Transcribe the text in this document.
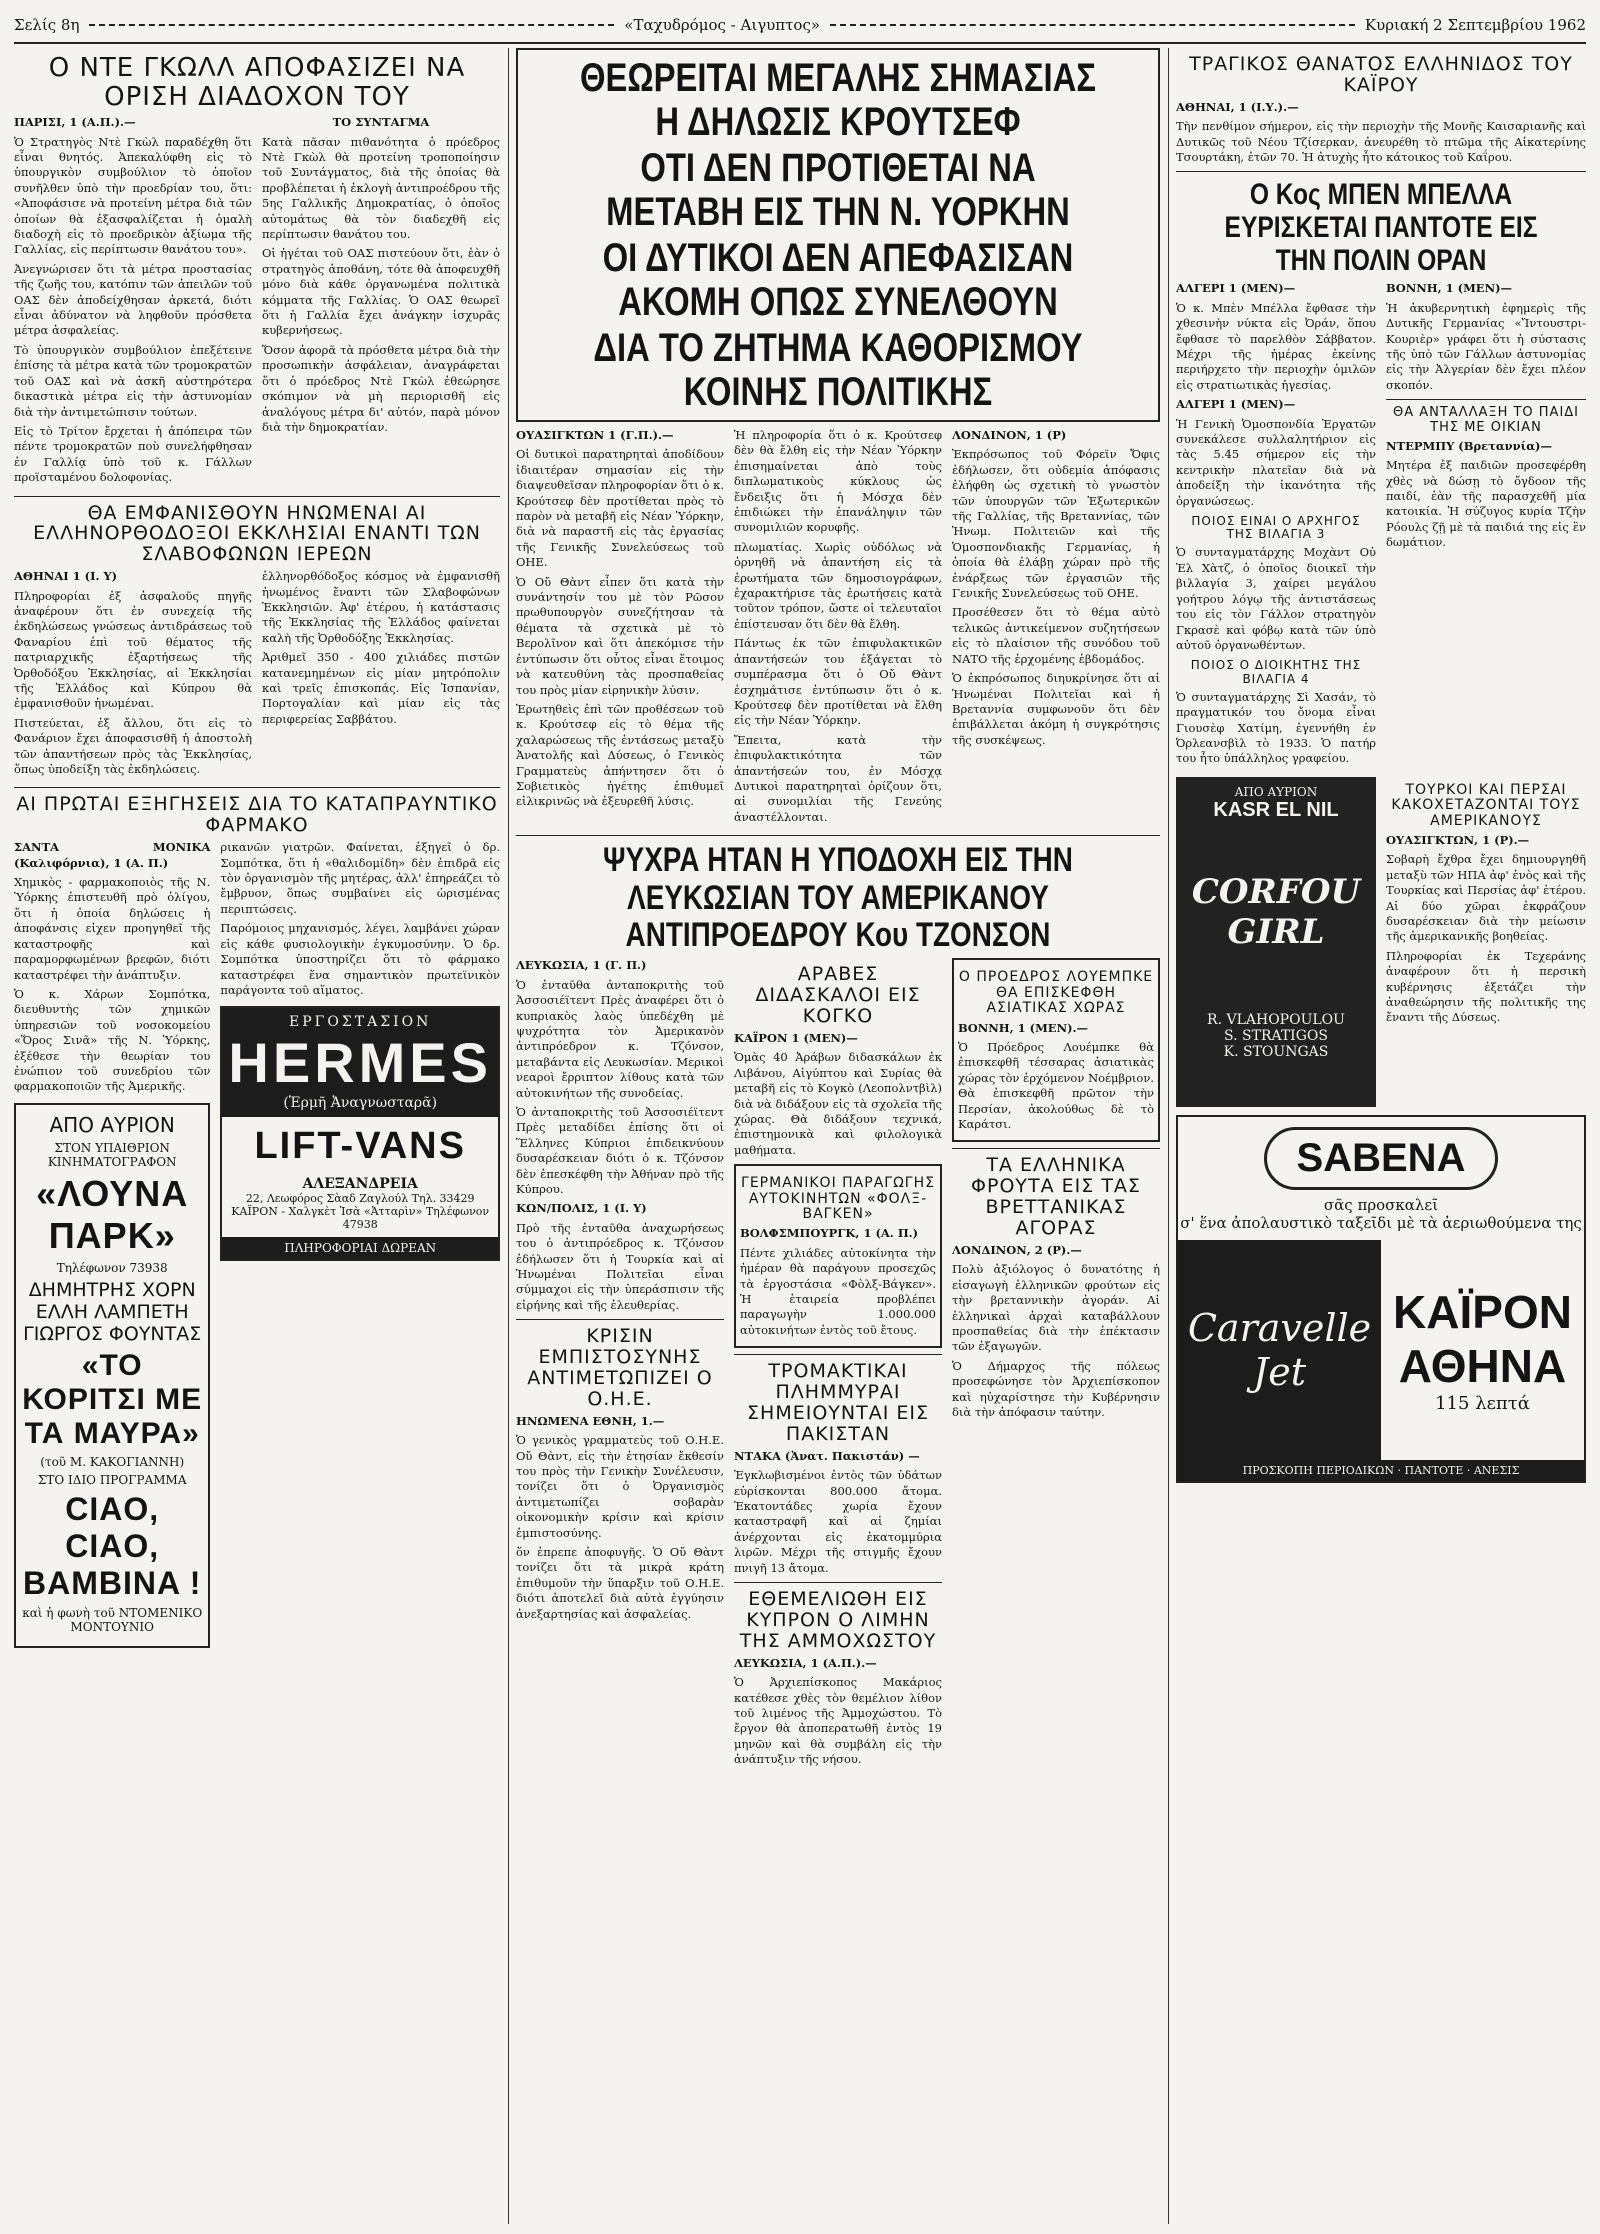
Σελίς 8η	«Ταχυδρόμος - Αιγυπτος»	Κυριακή 2 Σεπτεμβρίου 1962
Ο ΝΤΕ ΓΚΩΛΛ ΑΠΟΦΑΣΙΖΕΙ ΝΑ ΟΡΙΣΗ ΔΙΑΔΟΧΟΝ ΤΟΥ

ΠΑΡΙΣΙ, 1 (Α.Π.).—

Ὁ Στρατηγὸς Ντὲ Γκὼλ παραδέχθη ὅτι εἶναι θνητός. Ἀπεκαλύφθη εἰς τὸ ὑπουργικὸν συμβούλιον τὸ ὁποῖον συνῆλθεν ὑπὸ τὴν προεδρίαν του, ὅτι: «Ἀποφάσισε νὰ προτείνη μέτρα διὰ τῶν ὁποίων θὰ ἐξασφαλίζεται ἡ ὁμαλὴ διαδοχὴ εἰς τὸ προεδρικὸν ἀξίωμα τῆς Γαλλίας, εἰς περίπτωσιν θανάτου του».

Ἀνεγνώρισεν ὅτι τὰ μέτρα προστασίας τῆς ζωῆς του, κατόπιν τῶν ἀπειλῶν τοῦ ΟΑΣ δὲν ἀποδείχθησαν ἀρκετά, διότι εἶναι ἀδύνατον νὰ ληφθοῦν πρόσθετα μέτρα ἀσφαλείας.

Τὸ ὑπουργικὸν συμβούλιον ἐπεξέτεινε ἐπίσης τὰ μέτρα κατὰ τῶν τρομοκρατῶν τοῦ ΟΑΣ καὶ νὰ ἀσκῆ αὐστηρότερα δικαστικὰ μέτρα εἰς τὴν ἀστυνομίαν διὰ τὴν ἀντιμετώπισιν τούτων.

Εἰς τὸ Τρίτον ἔρχεται ἡ ἀπόπειρα τῶν πέντε τρομοκρατῶν ποὺ συνελήφθησαν ἐν Γαλλίᾳ ὑπὸ τοῦ κ. Γάλλων προϊσταμένου δολοφονίας.

ΤΟ ΣΥΝΤΑΓΜΑ

Κατὰ πᾶσαν πιθανότητα ὁ πρόεδρος Ντὲ Γκὼλ θὰ προτείνη τροποποίησιν τοῦ Συντάγματος, διὰ τῆς ὁποίας θὰ προβλέπεται ἡ ἐκλογὴ ἀντιπροέδρου τῆς 5ης Γαλλικῆς Δημοκρατίας, ὁ ὁποῖος αὐτομάτως θὰ τὸν διαδεχθῆ εἰς περίπτωσιν θανάτου του.

Οἱ ἡγέται τοῦ ΟΑΣ πιστεύουν ὅτι, ἐὰν ὁ στρατηγὸς ἀποθάνη, τότε θὰ ἀποφευχθῆ μόνο διὰ κάθε ὀργανωμένα πολιτικὰ κόμματα τῆς Γαλλίας. Ὁ ΟΑΣ θεωρεῖ ὅτι ἡ Γαλλία ἔχει ἀνάγκην ἰσχυρᾶς κυβερνήσεως.

Ὅσον ἀφορᾶ τὰ πρόσθετα μέτρα διὰ τὴν προσωπικὴν ἀσφάλειαν, ἀναγράφεται ὅτι ὁ πρόεδρος Ντὲ Γκὼλ ἐθεώρησε σκόπιμον νὰ μὴ περιορισθῆ εἰς ἀναλόγους μέτρα δι' αὐτόν, παρὰ μόνον διὰ τὴν δημοκρατίαν.

ΘΑ ΕΜΦΑΝΙΣΘΟΥΝ ΗΝΩΜΕΝΑΙ ΑΙ ΕΛΛΗΝΟΡΘΟΔΟΞΟΙ ΕΚΚΛΗΣΙΑΙ ΕΝΑΝΤΙ ΤΩΝ ΣΛΑΒΟΦΩΝΩΝ ΙΕΡΕΩΝ

ΑΘΗΝΑΙ 1 (Ι. Υ)

Πληροφορίαι ἐξ ἀσφαλοῦς πηγῆς ἀναφέρουν ὅτι ἐν συνεχείᾳ τῆς ἐκδηλώσεως γνώσεως ἀντιδράσεως τοῦ Φαναρίου ἐπὶ τοῦ θέματος τῆς πατριαρχικῆς ἐξαρτήσεως τῆς Ὀρθοδόξου Ἐκκλησίας, αἱ Ἐκκλησίαι τῆς Ἑλλάδος καὶ Κύπρου θὰ ἐμφανισθοῦν ἡνωμέναι.

Πιστεύεται, ἐξ ἄλλου, ὅτι εἰς τὸ Φανάριον ἔχει ἀποφασισθῆ ἡ ἀποστολὴ τῶν ἀπαντήσεων πρὸς τὰς Ἐκκλησίας, ὅπως ὑποδείξη τὰς ἐκδηλώσεις.

ἑλληνορθόδοξος κόσμος νὰ ἐμφανισθῆ ἡνωμένος ἔναντι τῶν Σλαβοφώνων Ἐκκλησιῶν. Ἀφ' ἑτέρου, ἡ κατάστασις τῆς Ἐκκλησίας τῆς Ἑλλάδος φαίνεται καλὴ τῆς Ὀρθοδόξης Ἐκκλησίας.

Ἀριθμεῖ 350 - 400 χιλιάδες πιστῶν κατανεμημένων εἰς μίαν μητρόπολιν καὶ τρεῖς ἐπισκοπάς. Εἰς Ἰσπανίαν, Πορτογαλίαν καὶ μίαν εἰς τὰς περιφερείας Σαββάτου.

ΑΙ ΠΡΩΤΑΙ ΕΞΗΓΗΣΕΙΣ ΔΙΑ ΤΟ ΚΑΤΑΠΡΑΥΝΤΙΚΟ ΦΑΡΜΑΚΟ

ΣΑΝΤΑ ΜΟΝΙΚΑ (Καλιφόρνια), 1 (Α. Π.)

Χημικὸς - φαρμακοποιὸς τῆς Ν. Ὑόρκης ἐπιστευθῆ πρὸ ὀλίγου, ὅτι ἡ ὁποία δηλώσεις ἡ ἀποφάνσις εἰχεν προηγηθεῖ τῆς καταστροφῆς καὶ παραμορφωμένων βρεφῶν, διότι καταστρέφει τὴν ἀνάπτυξιν.

Ὁ κ. Χάρων Σομπότκα, διευθυντὴς τῶν χημικῶν ὑπηρεσιῶν τοῦ νοσοκομείου «Ὅρος Σινᾶ» τῆς Ν. Ὑόρκης, ἐξέθεσε τὴν θεωρίαν του ἐνώπιον τοῦ συνεδρίου τῶν φαρμακοποιῶν τῆς Ἀμερικῆς.

ΑΠΟ ΑΥΡΙΟΝ
ΣΤΟΝ ΥΠΑΙΘΡΙΟΝ ΚΙΝΗΜΑΤΟΓΡΑΦΟΝ
«ΛΟΥΝΑ ΠΑΡΚ»
Τηλέφωνον 73938
ΔΗΜΗΤΡΗΣ ΧΟΡΝ ΕΛΛΗ ΛΑΜΠΕΤΗ ΓΙΩΡΓΟΣ ΦΟΥΝΤΑΣ
«ΤΟ ΚΟΡΙΤΣΙ ΜΕ ΤΑ ΜΑΥΡΑ»
(τοῦ Μ. ΚΑΚΟΓΙΑΝΝΗ)
ΣΤΟ ΙΔΙΟ ΠΡΟΓΡΑΜΜΑ
CIAO, CIAO, BAMBINA !
καὶ ἡ φωνὴ τοῦ ΝΤΟΜΕΝΙΚΟ ΜΟΝΤΟΥΝΙΟ

ρικανῶν γιατρῶν. Φαίνεται, ἐξηγεῖ ὁ δρ. Σομπότκα, ὅτι ἡ «θαλιδομίδη» δὲν ἐπιδρᾶ εἰς τὸν ὀργανισμὸν τῆς μητέρας, ἀλλ' ἐπηρεάζει τὸ ἔμβρυον, ὅπως συμβαίνει εἰς ὡρισμένας περιπτώσεις.

Παρόμοιος μηχανισμός, λέγει, λαμβάνει χώραν εἰς κάθε φυσιολογικὴν ἐγκυμοσύνην. Ὁ δρ. Σομπότκα ὑποστηρίζει ὅτι τὸ φάρμακο καταστρέφει ἕνα σημαντικὸν πρωτεϊνικὸν παράγοντα τοῦ αἵματος.

ΕΡΓΟΣΤΑΣΙΟΝ
HERMES
(Ἑρμῆ Ἀναγνωσταρᾶ)
LIFT-VANS
ΑΛΕΞΑΝΔΡΕΙΑ
22, Λεωφόρος Σὰαδ Ζαγλούλ Τηλ. 33429
ΚΑΪΡΟΝ - Χαλγκὲτ Ἰσὰ «Ἀτταρὶν» Τηλέφωνον 47938
ΠΛΗΡΟΦΟΡΙΑΙ ΔΩΡΕΑΝ
ΘΕΩΡΕΙΤΑΙ ΜΕΓΑΛΗΣ ΣΗΜΑΣΙΑΣ Η ΔΗΛΩΣΙΣ ΚΡΟΥΤΣΕΦ
ΟΤΙ ΔΕΝ ΠΡΟΤΙΘΕΤΑΙ ΝΑ ΜΕΤΑΒΗ ΕΙΣ ΤΗΝ Ν. ΥΟΡΚΗΝ
ΟΙ ΔΥΤΙΚΟΙ ΔΕΝ ΑΠΕΦΑΣΙΣΑΝ ΑΚΟΜΗ ΟΠΩΣ ΣΥΝΕΛΘΟΥΝ
ΔΙΑ ΤΟ ΖΗΤΗΜΑ ΚΑΘΟΡΙΣΜΟΥ ΚΟΙΝΗΣ ΠΟΛΙΤΙΚΗΣ

ΟΥΑΣΙΓΚΤΩΝ 1 (Γ.Π.).—

Οἱ δυτικοὶ παρατηρηταὶ ἀποδίδουν ἰδιαιτέραν σημασίαν εἰς τὴν διαψευθεῖσαν πληροφορίαν ὅτι ὁ κ. Κρούτσεφ δὲν προτίθεται πρὸς τὸ παρὸν νὰ μεταβῆ εἰς Νέαν Ὑόρκην, διὰ νὰ παραστῆ εἰς τὰς ἐργασίας τῆς Γενικῆς Συνελεύσεως τοῦ ΟΗΕ.

Ὁ Οὔ Θὰντ εἶπεν ὅτι κατὰ τὴν συνάντησίν του μὲ τὸν Ρῶσον πρωθυπουργὸν συνεζήτησαν τὰ θέματα τὰ σχετικὰ μὲ τὸ Βερολῖνον καὶ ὅτι ἀπεκόμισε τὴν ἐντύπωσιν ὅτι οὗτος εἶναι ἕτοιμος νὰ κατευθύνη τὰς προσπαθείας του πρὸς μίαν εἰρηνικὴν λύσιν.

Ἐρωτηθεὶς ἐπὶ τῶν προθέσεων τοῦ κ. Κρούτσεφ εἰς τὸ θέμα τῆς χαλαρώσεως τῆς ἐντάσεως μεταξὺ Ἀνατολῆς καὶ Δύσεως, ὁ Γενικὸς Γραμματεὺς ἀπήντησεν ὅτι ὁ Σοβιετικὸς ἡγέτης ἐπιθυμεῖ εἰλικρινῶς νὰ ἐξευρεθῆ λύσις.

Ἡ πληροφορία ὅτι ὁ κ. Κρούτσεφ δὲν θὰ ἔλθη εἰς τὴν Νέαν Ὑόρκην ἐπισημαίνεται ἀπὸ τοὺς διπλωματικοὺς κύκλους ὡς ἔνδειξις ὅτι ἡ Μόσχα δὲν ἐπιδιώκει τὴν ἐπανάληψιν τῶν συνομιλιῶν κορυφῆς.

πλωματίας. Χωρὶς οὐδόλως νὰ ὀρνηθῆ νὰ ἀπαντήση εἰς τὰ ἐρωτήματα τῶν δημοσιογράφων, ἐχαρακτήρισε τὰς ἐρωτήσεις κατὰ τοῦτον τρόπον, ὥστε οἱ τελευταῖοι ἐπίστευσαν ὅτι δὲν θὰ ἔλθη.

Πάντως ἐκ τῶν ἐπιφυλακτικῶν ἀπαντήσεών του ἐξάγεται τὸ συμπέρασμα ὅτι ὁ Οὔ Θὰντ ἐσχημάτισε ἐντύπωσιν ὅτι ὁ κ. Κρούτσεφ δὲν προτίθεται νὰ ἔλθη εἰς τὴν Νέαν Ὑόρκην.

Ἔπειτα, κατὰ τὴν ἐπιφυλακτικότητα τῶν ἀπαντήσεών του, ἐν Μόσχᾳ Δυτικοὶ παρατηρηταὶ ὁρίζουν ὅτι, αἱ συνομιλίαι τῆς Γενεύης ἀναστέλλονται.

ΛΟΝΔΙΝΟΝ, 1 (Ρ)

Ἐκπρόσωπος τοῦ Φόρεϊν Ὄφις ἐδήλωσεν, ὅτι οὐδεμία ἀπόφασις ἐλήφθη ὡς σχετικὴ τὸ γνωστὸν τῶν ὑπουργῶν τῶν Ἐξωτερικῶν τῆς Γαλλίας, τῆς Βρεταννίας, τῶν Ἡνωμ. Πολιτειῶν καὶ τῆς Ὁμοσπονδιακῆς Γερμανίας, ἡ ὁποία θὰ ἐλάβῃ χώραν πρὸ τῆς ἐνάρξεως τῶν ἐργασιῶν τῆς Γενικῆς Συνελεύσεως τοῦ ΟΗΕ.

Προσέθεσεν ὅτι τὸ θέμα αὐτὸ τελικῶς ἀντικείμενον συζητήσεων εἰς τὸ πλαίσιον τῆς συνόδου τοῦ ΝΑΤΟ τῆς ἐρχομένης ἑβδομάδος.

Ὁ ἐκπρόσωπος διηυκρίνησε ὅτι αἱ Ἡνωμέναι Πολιτεῖαι καὶ ἡ Βρεταννία συμφωνοῦν ὅτι δὲν ἐπιβάλλεται ἀκόμη ἡ συγκρότησις τῆς συσκέψεως.

ΨΥΧΡΑ ΗΤΑΝ Η ΥΠΟΔΟΧΗ ΕΙΣ ΤΗΝ ΛΕΥΚΩΣΙΑΝ ΤΟΥ ΑΜΕΡΙΚΑΝΟΥ ΑΝΤΙΠΡΟΕΔΡΟΥ Κου ΤΖΟΝΣΟΝ

ΛΕΥΚΩΣΙΑ, 1 (Γ. Π.)

Ὁ ἐνταῦθα ἀνταποκριτὴς τοῦ Ἀσσοσιέϊτεντ Πρὲς ἀναφέρει ὅτι ὁ κυπριακὸς λαὸς ὑπεδέχθη μὲ ψυχρότητα τὸν Ἀμερικανὸν ἀντιπρόεδρον κ. Τζόνσον, μεταβάντα εἰς Λευκωσίαν. Μερικοὶ νεαροὶ ἔρριπτον λίθους κατὰ τῶν αὐτοκινήτων τῆς συνοδείας.

Ὁ ἀνταποκριτὴς τοῦ Ἀσσοσιέϊτεντ Πρὲς μεταδίδει ἐπίσης ὅτι οἱ Ἕλληνες Κύπριοι ἐπιδεικνύουν δυσαρέσκειαν διότι ὁ κ. Τζόνσον δὲν ἐπεσκέφθη τὴν Ἀθήναν πρὸ τῆς Κύπρου.

ΚΩΝ/ΠΟΛΙΣ, 1 (Ι. Υ)

Πρὸ τῆς ἐνταῦθα ἀναχωρήσεως του ὁ ἀντιπρόεδρος κ. Τζόνσον ἐδήλωσεν ὅτι ἡ Τουρκία καὶ αἱ Ἡνωμέναι Πολιτεῖαι εἶναι σύμμαχοι εἰς τὴν ὑπεράσπισιν τῆς εἰρήνης καὶ τῆς ἐλευθερίας.

ΚΡΙΣΙΝ ΕΜΠΙΣΤΟΣΥΝΗΣ ΑΝΤΙΜΕΤΩΠΙΖΕΙ Ο Ο.Η.Ε.

ΗΝΩΜΕΝΑ ΕΘΝΗ, 1.—

Ὁ γενικὸς γραμματεὺς τοῦ Ο.Η.Ε. Οὔ Θὰντ, εἰς τὴν ἐτησίαν ἔκθεσίν του πρὸς τὴν Γενικὴν Συνέλευσιν, τονίζει ὅτι ὁ Ὀργανισμὸς ἀντιμετωπίζει σοβαρὰν οἰκονομικὴν κρίσιν καὶ κρίσιν ἐμπιστοσύνης.

ὅν ἐπρεπε ἀποφυγῆς. Ὁ Οὔ Θὰντ τονίζει ὅτι τὰ μικρὰ κράτη ἐπιθυμοῦν τὴν ὕπαρξιν τοῦ Ο.Η.Ε. διότι ἀποτελεῖ διὰ αὐτὰ ἐγγύησιν ἀνεξαρτησίας καὶ ἀσφαλείας.

ΑΡΑΒΕΣ ΔΙΔΑΣΚΑΛΟΙ ΕΙΣ ΚΟΓΚΟ

ΚΑΪΡΟΝ 1 (ΜΕΝ)—

Ὁμὰς 40 Ἀράβων διδασκάλων ἐκ Λιβάνου, Αἰγύπτου καὶ Συρίας θὰ μεταβῆ εἰς τὸ Κογκὸ (Λεοπολντβὶλ) διὰ νὰ διδάξουν εἰς τὰ σχολεῖα τῆς χώρας. Θὰ διδάξουν τεχνικά, ἐπιστημονικὰ καὶ φιλολογικὰ μαθήματα.

ΓΕΡΜΑΝΙΚΟΙ ΠΑΡΑΓΩΓΗΣ ΑΥΤΟΚΙΝΗΤΩΝ «ΦΟΛΞ-ΒΑΓΚΕΝ»

ΒΟΛΦΣΜΠΟΥΡΓΚ, 1 (Α. Π.)

Πέντε χιλιάδες αὐτοκίνητα τὴν ἡμέραν θὰ παράγουν προσεχῶς τὰ ἐργοστάσια «Φὸλξ-Βάγκεν». Ἡ ἑταιρεία προβλέπει παραγωγὴν 1.000.000 αὐτοκινήτων ἐντὸς τοῦ ἔτους.

ΤΡΟΜΑΚΤΙΚΑΙ ΠΛΗΜΜΥΡΑΙ ΣΗΜΕΙΟΥΝΤΑΙ ΕΙΣ ΠΑΚΙΣΤΑΝ

ΝΤΑΚΑ (Ἀνατ. Πακιστάν) —

Ἐγκλωβισμένοι ἐντὸς τῶν ὑδάτων εὑρίσκονται 800.000 ἄτομα. Ἐκατοντάδες χωρία ἔχουν καταστραφῆ καὶ αἱ ζημίαι ἀνέρχονται εἰς ἑκατομμύρια λιρῶν. Μέχρι τῆς στιγμῆς ἔχουν πνιγῆ 13 ἄτομα.

ΕΘΕΜΕΛΙΩΘΗ ΕΙΣ ΚΥΠΡΟΝ Ο ΛΙΜΗΝ ΤΗΣ ΑΜΜΟΧΩΣΤΟΥ

ΛΕΥΚΩΣΙΑ, 1 (Α.Π.).—

Ὁ Ἀρχιεπίσκοπος Μακάριος κατέθεσε χθὲς τὸν θεμέλιον λίθον τοῦ λιμένος τῆς Ἀμμοχώστου. Τὸ ἔργον θὰ ἀποπερατωθῆ ἐντὸς 19 μηνῶν καὶ θὰ συμβάλη εἰς τὴν ἀνάπτυξιν τῆς νήσου.

Ο ΠΡΟΕΔΡΟΣ ΛΟΥΕΜΠΚΕ ΘΑ ΕΠΙΣΚΕΦΘΗ ΑΣΙΑΤΙΚΑΣ ΧΩΡΑΣ

ΒΟΝΝΗ, 1 (ΜΕΝ).—

Ὁ Πρόεδρος Λουέμπκε θὰ ἐπισκεφθῆ τέσσαρας ἀσιατικὰς χώρας τὸν ἐρχόμενον Νοέμβριον. Θὰ ἐπισκεφθῆ πρῶτον τὴν Περσίαν, ἀκολούθως δὲ τὸ Καράτσι.

ΤΑ ΕΛΛΗΝΙΚΑ ΦΡΟΥΤΑ ΕΙΣ ΤΑΣ ΒΡΕΤΤΑΝΙΚΑΣ ΑΓΟΡΑΣ

ΛΟΝΔΙΝΟΝ, 2 (Ρ).—

Πολὺ ἀξιόλογος ὁ δυνατότης ἡ εἰσαγωγὴ ἑλληνικῶν φρούτων εἰς τὴν βρεταννικὴν ἀγοράν. Αἱ ἑλληνικαὶ ἀρχαὶ καταβάλλουν προσπαθείας διὰ τὴν ἐπέκτασιν τῶν ἐξαγωγῶν.

Ὁ Δήμαρχος τῆς πόλεως προσεφώνησε τὸν Ἀρχιεπίσκοπον καὶ ηὐχαρίστησε τὴν Κυβέρνησιν διὰ τὴν ἀπόφασιν ταύτην.

ΤΡΑΓΙΚΟΣ ΘΑΝΑΤΟΣ ΕΛΛΗΝΙΔΟΣ ΤΟΥ ΚΑΪΡΟΥ

ΑΘΗΝΑΙ, 1 (Ι.Υ.).—

Τὴν πενθίμον σήμερον, εἰς τὴν περιοχὴν τῆς Μονῆς Καισαριανῆς καὶ Δυτικῶς τοῦ Νέου Τζίσερκαν, ἀνευρέθη τὸ πτῶμα τῆς Αἰκατερίνης Τσουρτάκη, ἐτῶν 70. Ἡ ἀτυχὴς ἦτο κάτοικος τοῦ Καΐρου.

Ο Κος ΜΠΕΝ ΜΠΕΛΛΑ ΕΥΡΙΣΚΕΤΑΙ ΠΑΝΤΟΤΕ ΕΙΣ ΤΗΝ ΠΟΛΙΝ ΟΡΑΝ

ΑΛΓΕΡΙ 1 (ΜΕΝ)—

Ὁ κ. Μπὲν Μπέλλα ἔφθασε τὴν χθεσινὴν νύκτα εἰς Ὀράν, ὅπου ἔφθασε τὸ παρελθὸν Σάββατον. Μέχρι τῆς ἡμέρας ἐκείνης περιήρχετο τὴν περιοχὴν ὁμιλῶν εἰς στρατιωτικὰς ἡγεσίας.

ΑΛΓΕΡΙ 1 (ΜΕΝ)—

Ἡ Γενικὴ Ὁμοσπονδία Ἐργατῶν συνεκάλεσε συλλαλητήριον εἰς τὰς 5.45 σήμερον εἰς τὴν κεντρικὴν πλατεῖαν διὰ νὰ ἀποδείξη τὴν ἱκανότητα τῆς ὀργανώσεως.

ΠΟΙΟΣ ΕΙΝΑΙ Ο ΑΡΧΗΓΟΣ ΤΗΣ ΒΙΛΑΓΙΑ 3

Ὁ συνταγματάρχης Μοχὰντ Οὐ Ἐλ Χὰτζ, ὁ ὁποῖος διοικεῖ τὴν βιλλαγία 3, χαίρει μεγάλου γοήτρου λόγῳ τῆς ἀντιστάσεως του εἰς τὸν Γάλλον στρατηγὸν Γκρασὲ καὶ φόβῳ κατὰ τῶν ὑπὸ αὐτοῦ ὀργανωθέντων.

ΠΟΙΟΣ Ο ΔΙΟΙΚΗΤΗΣ ΤΗΣ ΒΙΛΑΓΙΑ 4

Ὁ συνταγματάρχης Σὶ Χασάν, τὸ πραγματικόν του ὄνομα εἶναι Γιουσὲφ Χατίμη, ἐγεννήθη ἐν Ὀρλεανσβὶλ τὸ 1933. Ὁ πατήρ του ἦτο ὑπάλληλος γραφείου.

ΒΟΝΝΗ, 1 (ΜΕΝ)—

Ἡ ἀκυβερνητικὴ ἐφημερὶς τῆς Δυτικῆς Γερμανίας «Ἴντουστρι-Κουριὲρ» γράφει ὅτι ἡ σύστασις τῆς ὑπὸ τῶν Γάλλων ἀστυνομίας εἰς τὴν Ἀλγερίαν δὲν ἔχει πλέον σκοπόν.

ΘΑ ΑΝΤΑΛΛΑΞΗ ΤΟ ΠΑΙΔΙ ΤΗΣ ΜΕ ΟΙΚΙΑΝ

ΝΤΕΡΜΠΥ (Βρεταννία)—

Μητέρα ἐξ παιδιῶν προσεφέρθη χθὲς νὰ δώσῃ τὸ ὄγδοον τῆς παιδί, ἐὰν τῆς παρασχεθῆ μία κατοικία. Ἡ σύζυγος κυρία Τζὴν Ρόουλς ζῇ μὲ τὰ παιδιά της εἰς ἓν δωμάτιον.

ΑΠΟ ΑΥΡΙΟΝ
KASR EL NIL
CORFOU GIRL
R. VLAHOPOULOU
S. STRATIGOS
K. STOUNGAS
ΤΟΥΡΚΟΙ ΚΑΙ ΠΕΡΣΑΙ ΚΑΚΟΧΕΤΑΖΟΝΤΑΙ ΤΟΥΣ ΑΜΕΡΙΚΑΝΟΥΣ

ΟΥΑΣΙΓΚΤΩΝ, 1 (Ρ).—

Σοβαρὴ ἔχθρα ἔχει δημιουργηθῆ μεταξὺ τῶν ΗΠΑ ἀφ' ἑνὸς καὶ τῆς Τουρκίας καὶ Περσίας ἀφ' ἑτέρου. Αἱ δύο χῶραι ἐκφράζουν δυσαρέσκειαν διὰ τὴν μείωσιν τῆς ἀμερικανικῆς βοηθείας.

Πληροφορίαι ἐκ Τεχεράνης ἀναφέρουν ὅτι ἡ περσικὴ κυβέρνησις ἐξετάζει τὴν ἀναθεώρησιν τῆς πολιτικῆς της ἔναντι τῆς Δύσεως.

SABENA
σᾶς προσκαλεῖ
σ' ἕνα ἀπολαυστικὸ ταξεῖδι μὲ τὰ ἀεριωθούμενα της
Caravelle Jet
ΚΑΪΡΟΝ ΑΘΗΝΑ
115 λεπτά
ΠΡΟΣΚΟΠΗ ΠΕΡΙΟΔΙΚΩΝ · ΠΑΝΤΟΤΕ · ΑΝΕΣΙΣ
